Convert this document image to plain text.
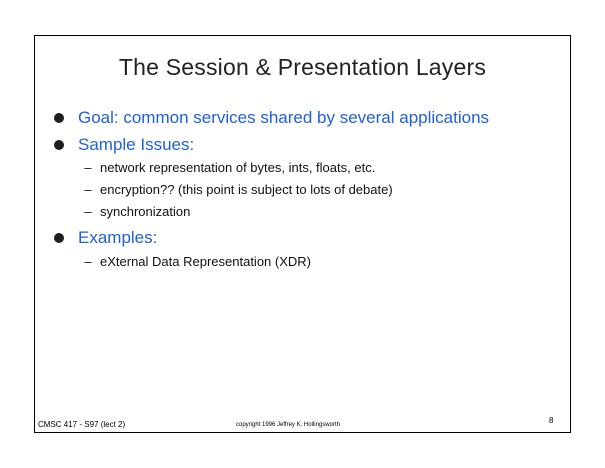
The Session & Presentation Layers
Goal: common services shared by several applications
Sample Issues:
– network representation of bytes, ints, floats, etc.
– encryption?? (this point is subject to lots of debate)
– synchronization
Examples:
– eXternal Data Representation (XDR)
CMSC 417 - S97 (lect 2)	copyright 1996 Jeffrey K. Hollingsworth	8
